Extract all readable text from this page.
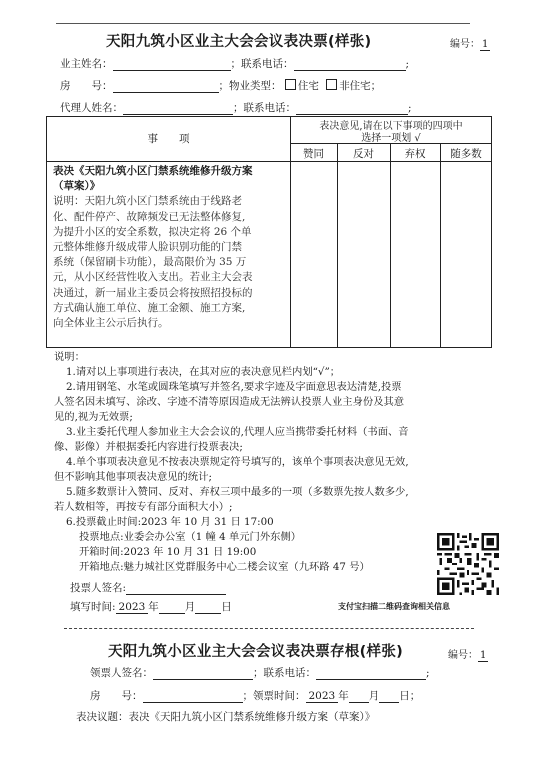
天阳九筑小区业主大会会议表决票(样张)	编号： 1
业主姓名：	；联系电话：	;
房　　号：	；物业类型： 住宅 非住宅；
代理人姓名：	；联系电话：	;
事　　项
表决意见,请在以下事项的四项中
选择一项划 √
赞同	反对	弃权	随多数
表决《天阳九筑小区门禁系统维修升级方案
（草案）》
说明：天阳九筑小区门禁系统由于线路老
化、配件停产、故障频发已无法整体修复,
为提升小区的安全系数，拟决定将 26 个单
元整体维修升级成带人脸识别功能的门禁
系统（保留刷卡功能），最高限价为 35 万
元，从小区经营性收入支出。若业主大会表
决通过，新一届业主委员会将按照招投标的
方式确认施工单位、施工金额、施工方案,
向全体业主公示后执行。

说明：

1.请对以上事项进行表决，在其对应的表决意见栏内划“√”；

2.请用钢笔、水笔或圆珠笔填写并签名,要求字迹及字面意思表达清楚,投票

人签名因未填写、涂改、字迹不清等原因造成无法辨认投票人业主身份及其意

见的,视为无效票;

3.业主委托代理人参加业主大会会议的,代理人应当携带委托材料（书面、音

像、影像）并根据委托内容进行投票表决;

4.单个事项表决意见不按表决票规定符号填写的，该单个事项表决意见无效,

但不影响其他事项表决意见的统计;

5.随多数票计入赞同、反对、弃权三项中最多的一项（多数票先按人数多少,

若人数相等，再按专有部分面积大小）;

6.投票截止时间:2023 年 10 月 31 日 17:00

投票地点:业委会办公室（1 幢 4 单元门外东侧）

开箱时间:2023 年 10 月 31 日 19:00

开箱地点:魅力城社区党群服务中心二楼会议室（九环路 47 号）

支付宝扫描二维码查询相关信息
投票人签名:
填写时间: 2023 年 月 日
天阳九筑小区业主大会会议表决票存根(样张)	编号： 1
领票人签名：	；联系电话：	;
房　　号：	；领票时间： 2023 年 月 日；
表决议题：表决《天阳九筑小区门禁系统维修升级方案（草案）》
